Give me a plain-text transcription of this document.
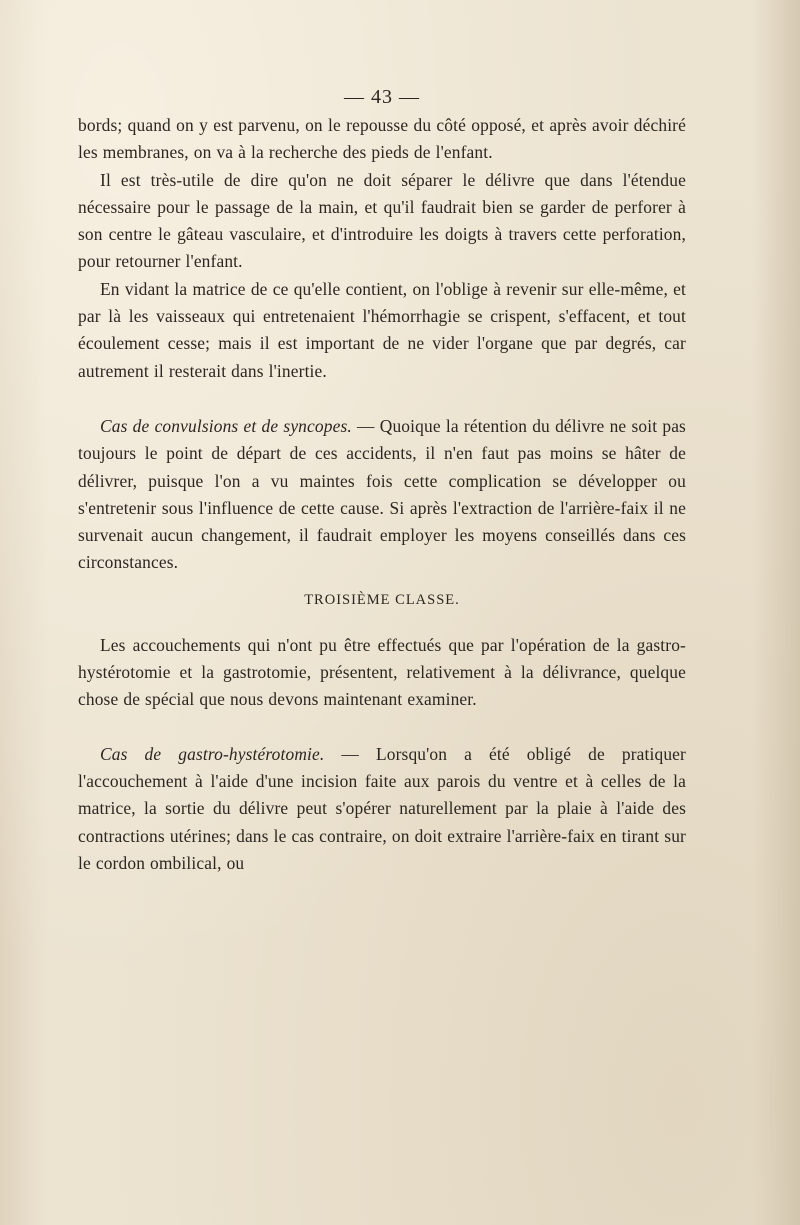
— 43 —

bords; quand on y est parvenu, on le repousse du côté opposé, et après avoir déchiré les membranes, on va à la recherche des pieds de l'enfant.

Il est très-utile de dire qu'on ne doit séparer le délivre que dans l'étendue nécessaire pour le passage de la main, et qu'il faudrait bien se garder de perforer à son centre le gâteau vasculaire, et d'introduire les doigts à travers cette perforation, pour retourner l'enfant.

En vidant la matrice de ce qu'elle contient, on l'oblige à revenir sur elle-même, et par là les vaisseaux qui entretenaient l'hémorrhagie se crispent, s'effacent, et tout écoulement cesse; mais il est important de ne vider l'organe que par degrés, car autrement il resterait dans l'inertie.

Cas de convulsions et de syncopes. — Quoique la rétention du délivre ne soit pas toujours le point de départ de ces accidents, il n'en faut pas moins se hâter de délivrer, puisque l'on a vu maintes fois cette complication se développer ou s'entretenir sous l'influence de cette cause. Si après l'extraction de l'arrière-faix il ne survenait aucun changement, il faudrait employer les moyens conseillés dans ces circonstances.

TROISIÈME CLASSE.

Les accouchements qui n'ont pu être effectués que par l'opération de la gastro-hystérotomie et la gastrotomie, présentent, relativement à la délivrance, quelque chose de spécial que nous devons maintenant examiner.

Cas de gastro-hystérotomie. — Lorsqu'on a été obligé de pratiquer l'accouchement à l'aide d'une incision faite aux parois du ventre et à celles de la matrice, la sortie du délivre peut s'opérer naturellement par la plaie à l'aide des contractions utérines; dans le cas contraire, on doit extraire l'arrière-faix en tirant sur le cordon ombilical, ou
